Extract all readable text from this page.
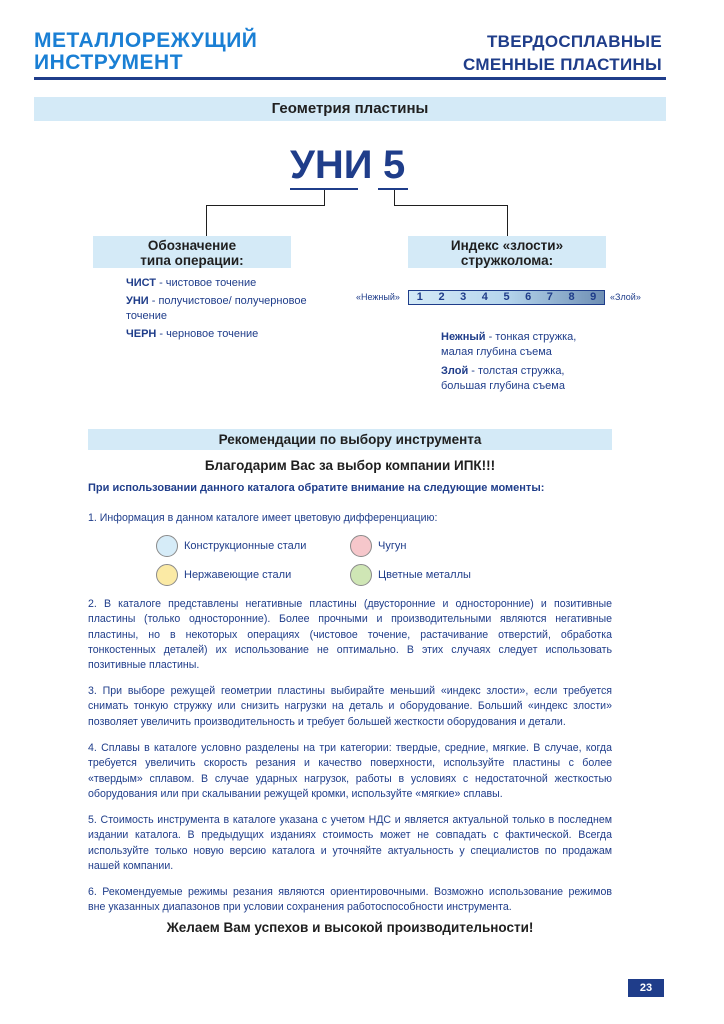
МЕТАЛЛОРЕЖУЩИЙ
ИНСТРУМЕНТ
ТВЕРДОСПЛАВНЫЕ
СМЕННЫЕ ПЛАСТИНЫ
Геометрия пластины
УНИ 5
Обозначение
типа операции:
Индекс «злости»
стружколома:

ЧИСТ - чистовое точение

УНИ - получистовое/ получерновое точение

ЧЕРН - черновое точение

«Нежный»	1	2	3	4	5	6	7	8	9	«Злой»

Нежный - тонкая стружка, малая глубина съема

Злой - толстая стружка, большая глубина съема

Рекомендации по выбору инструмента
Благодарим Вас за выбор компании ИПК!!!
При использовании данного каталога обратите внимание на следующие моменты:
1. Информация в данном каталоге имеет цветовую дифференциацию:
Конструкционные стали	Чугун
Нержавеющие стали	Цветные металлы
2. В каталоге представлены негативные пластины (двусторонние и односторонние) и позитивные пластины (только односторонние). Более прочными и производительными являются негативные пластины, но в некоторых операциях (чистовое точение, растачивание отверстий, обработка тонкостенных деталей) их использование не оптимально. В этих случаях следует использовать позитивные пластины.
3. При выборе режущей геометрии пластины выбирайте меньший «индекс злости», если требуется снимать тонкую стружку или снизить нагрузки на деталь и оборудование. Больший «индекс злости» позволяет увеличить производительность и требует большей жесткости оборудования и детали.
4. Сплавы в каталоге условно разделены на три категории: твердые, средние, мягкие. В случае, когда требуется увеличить скорость резания и качество поверхности, используйте пластины с более «твердым» сплавом. В случае ударных нагрузок, работы в условиях с недостаточной жесткостью оборудования или при скалывании режущей кромки, используйте «мягкие» сплавы.
5. Стоимость инструмента в каталоге указана с учетом НДС и является актуальной только в последнем издании каталога. В предыдущих изданиях стоимость может не совпадать с фактической. Всегда используйте только новую версию каталога и уточняйте актуальность у специалистов по продажам нашей компании.
6. Рекомендуемые режимы резания являются ориентировочными. Возможно использование режимов вне указанных диапазонов при условии сохранения работоспособности инструмента.
Желаем Вам успехов и высокой производительности!
23
